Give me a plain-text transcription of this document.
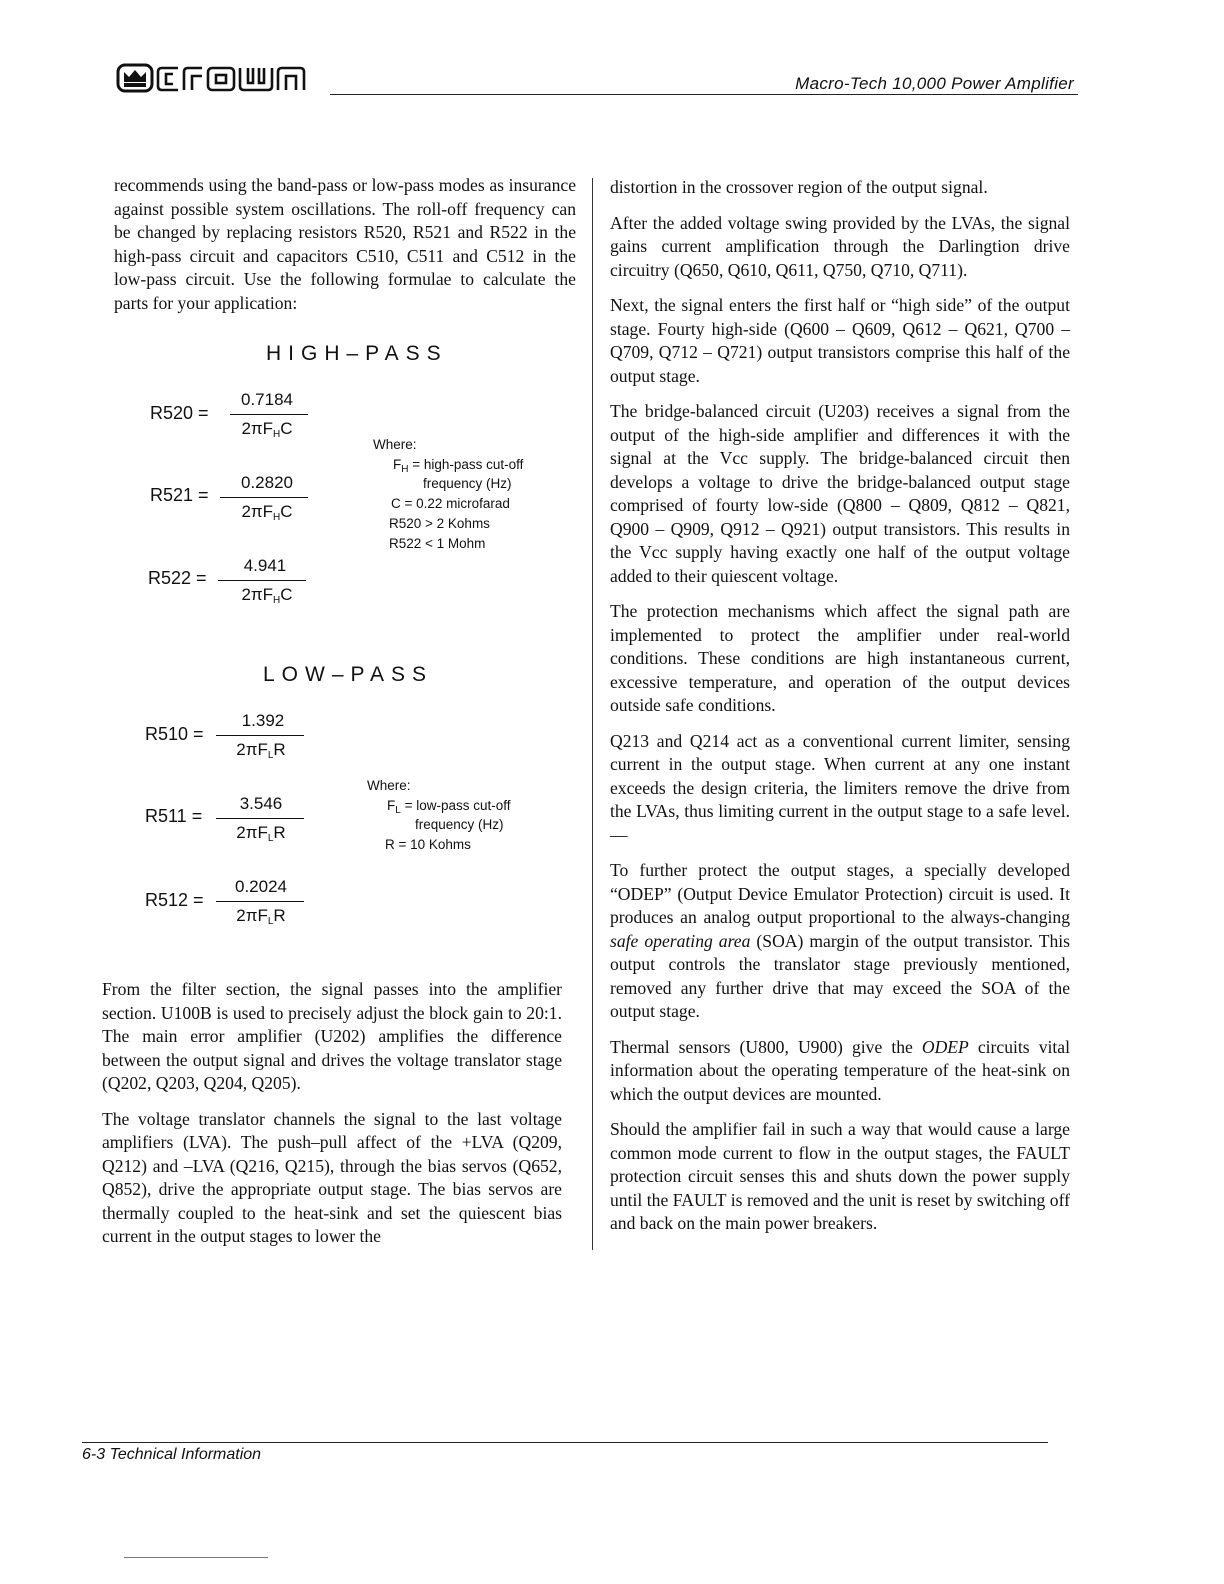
crown
Macro-Tech 10,000 Power Amplifier

recommends using the band-pass or low-pass modes as insurance against possible system oscillations. The roll-off frequency can be changed by replacing resistors R520, R521 and R522 in the high-pass circuit and capacitors C510, C511 and C512 in the low-pass circuit. Use the following formulae to calculate the parts for your application:

HIGH–PASS
R520 =
0.7184
$2\pi F_HC$
R521 =
0.2820
$2\pi F_HC$
R522 =
4.941
$2\pi F_HC$
Where:
$F_H$ = high-pass cut-off
frequency (Hz)
C = 0.22 microfarad
R520 > 2 Kohms
R522 < 1 Mohm
LOW–PASS
R510 =
1.392
$2\pi F_LR$
R511 =
3.546
$2\pi F_LR$
R512 =
0.2024
$2\pi F_LR$
Where:
$F_L$ = low-pass cut-off
frequency (Hz)
R = 10 Kohms

From the filter section, the signal passes into the amplifier section. U100B is used to precisely adjust the block gain to 20:1. The main error amplifier (U202) amplifies the difference between the output signal and drives the voltage translator stage (Q202, Q203, Q204, Q205).

The voltage translator channels the signal to the last voltage amplifiers (LVA). The push–pull affect of the +LVA (Q209, Q212) and –LVA (Q216, Q215), through the bias servos (Q652, Q852), drive the appropriate output stage. The bias servos are thermally coupled to the heat-sink and set the quiescent bias current in the output stages to lower the

distortion in the crossover region of the output signal.

After the added voltage swing provided by the LVAs, the signal gains current amplification through the Darlingtion drive circuitry (Q650, Q610, Q611, Q750, Q710, Q711).

Next, the signal enters the first half or “high side” of the output stage. Fourty high-side (Q600 – Q609, Q612 – Q621, Q700 – Q709, Q712 – Q721) output transistors comprise this half of the output stage.

The bridge-balanced circuit (U203) receives a signal from the output of the high-side amplifier and differences it with the signal at the Vcc supply. The bridge-balanced circuit then develops a voltage to drive the bridge-balanced output stage comprised of fourty low-side (Q800 – Q809, Q812 – Q821, Q900 – Q909, Q912 – Q921) output transistors. This results in the Vcc supply having exactly one half of the output voltage added to their quiescent voltage.

The protection mechanisms which affect the signal path are implemented to protect the amplifier under real-world conditions. These conditions are high instantaneous current, excessive temperature, and operation of the output devices outside safe conditions.

Q213 and Q214 act as a conventional current limiter, sensing current in the output stage. When current at any one instant exceeds the design criteria, the limiters remove the drive from the LVAs, thus limiting current in the output stage to a safe level.—

To further protect the output stages, a specially developed “ODEP” (Output Device Emulator Protection) circuit is used. It produces an analog output proportional to the always-changing safe operating area (SOA) margin of the output transistor. This output controls the translator stage previously mentioned, removed any further drive that may exceed the SOA of the output stage.

Thermal sensors (U800, U900) give the ODEP circuits vital information about the operating temperature of the heat-sink on which the output devices are mounted.

Should the amplifier fail in such a way that would cause a large common mode current to flow in the output stages, the FAULT protection circuit senses this and shuts down the power supply until the FAULT is removed and the unit is reset by switching off and back on the main power breakers.

6-3 Technical Information
